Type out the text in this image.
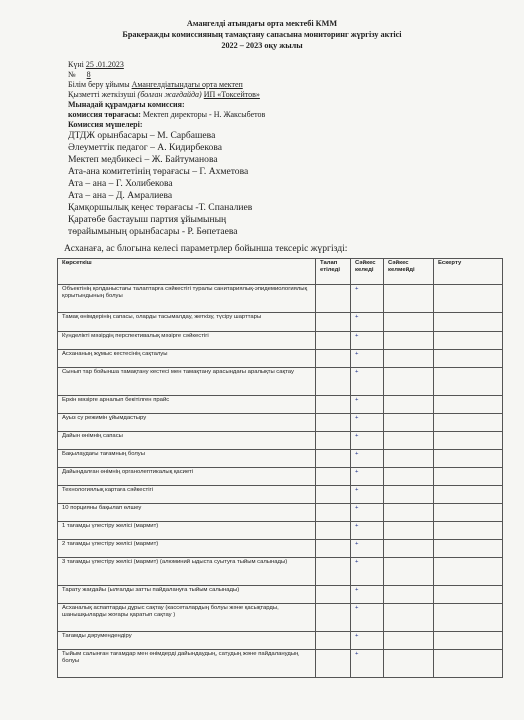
Амангелді атындағы орта мектебі КММ
Бракеражды комиссияның тамақтану сапасына мониторинг жүргізу актісі
2022 – 2023 оқу жылы
Күні 25 .01.2023
№ 8
Білім беру ұйымы Амангелдіатындағы орта мектеп
Қызметті жеткізуші (болған жағдайда) ИП «Токсейтов»
Мынадай құрамдағы комиссия:
комиссия төрағасы: Мектеп директоры - Н. Жаксыбетов
Комиссия мүшелері:
ДТДЖ орынбасары – М. Сарбашева
Әлеуметтік педагог – А. Кидирбекова
Мектеп медбикесі – Ж. Байтуманова
Ата-ана комитетінің төрағасы – Г. Ахметова
Ата – ана – Г. Холибекова
Ата – ана – Д. Амралиева
Қамқоршылық кеңес төрағасы -Т. Спаналиев
Қаратөбе бастауыш партия ұйымының
төрайымының орынбасары - Р. Бөпетаева
Асханаға, ас блогына келесі параметрлер бойынша тексеріс жүргізді:
Көрсеткіш	Талап етіледі	Сәйкес келеді	Сәйкес келмейді	Ескерту
Объектінің қолданыстағы талаптарға сәйкестігі туралы санитариялық-эпидемиологиялық қорытындының болуы		+		
Тамақ өнімдерінің сапасы, оларды тасымалдау, жеткізу, түсіру шарттары		+		
Күнделікті мәзірдің перспективалық мәзірге сәйкестігі		+		
Асхананың жұмыс кестесінің сақталуы		+		
Сынып тар бойынша тамақтану кестесі мен тамақтану арасындағы аралықты сақтау		+		
Еркін мәзірге арналып бекітілген прайс		+		
Ауыз су режимін ұйымдастыру		+		
Дайын өнімнің сапасы		+		
Бақылаудағы тағамның болуы		+		
Дайындалған өнімнің органолептикалық қасиеті		+		
Технологиялық картаға сәйкестігі		+		
10 порцияны бақылап өлшеу		+		
1 тағамды үлестіру желісі (мармит)		+		
2 тағамды үлестіру желісі (мармит)		+		
3 тағамды үлестіру желісі (мармит) (алюминий ыдыста суытуға тыйым салынады)		+		
Тарату жағдайы (ылғалды затты пайдалануға тыйым салынады)		+		
Асханалық аспаптарды дұрыс сақтау (кассеталардың болуы және қасықтарды, шанышқыларды жоғары қаратып сақтау )		+		
Тағамды дәрумендендіру		+		
Тыйым салынған тағамдар мен өнімдерді дайындаудың, сатудың және пайдаланудың болуы		+		
